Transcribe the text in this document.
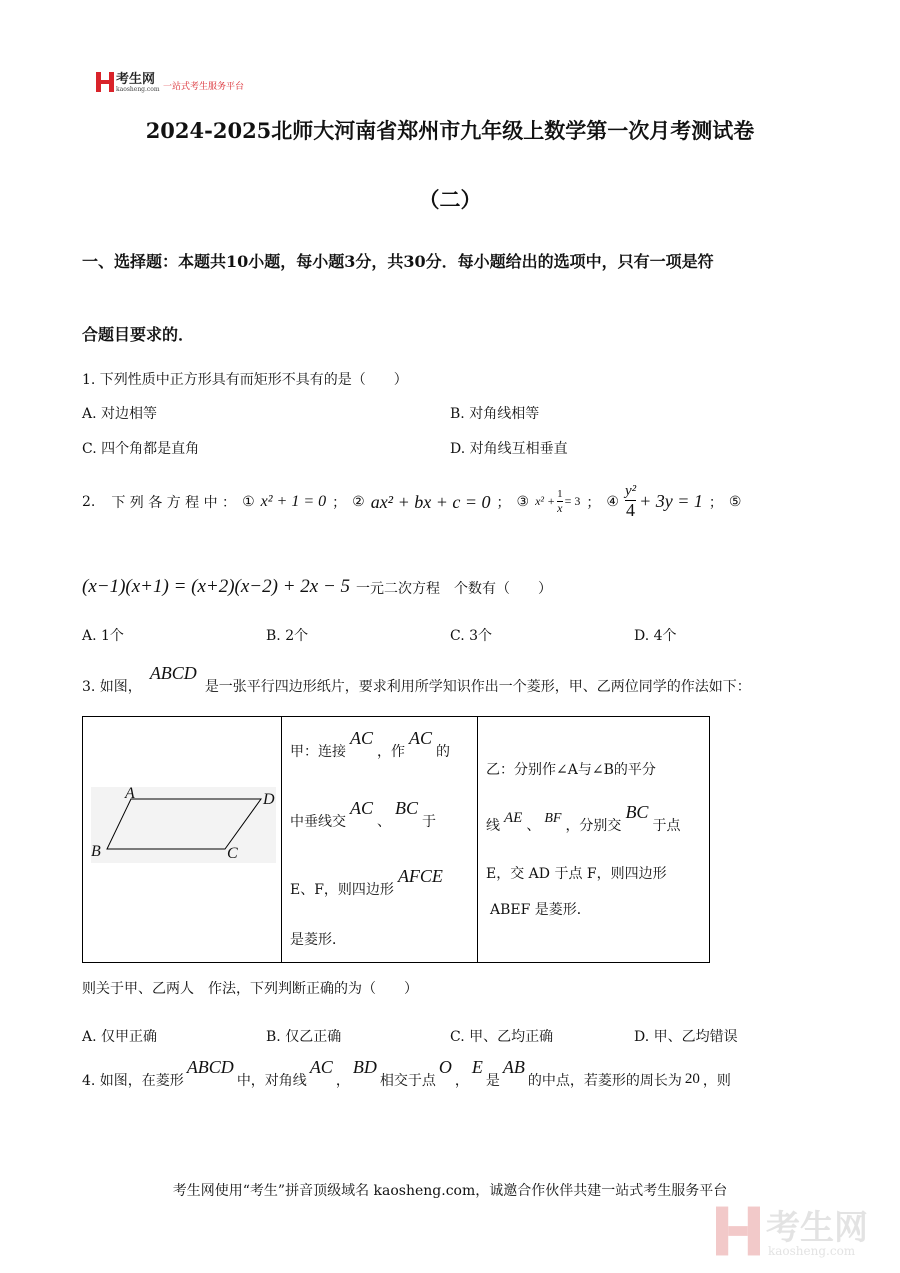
考生网
kaosheng.com 一站式考生服务平台
2024-2025北师大河南省郑州市九年级上数学第一次月考测试卷
（二）
一、选择题：本题共10小题，每小题3分，共30分．每小题给出的选项中，只有一项是符
合题目要求的．
1. 下列性质中正方形具有而矩形不具有的是（　　）
A. 对边相等	B. 对角线相等
C. 四个角都是直角	D. 对角线互相垂直
2. 下 列 各 方 程 中 ： ① x² + 1 = 0 ； ② ax² + bx + c = 0 ； ③ $x^2 + \frac{1}{x} = 3$ ； ④ $\frac{\text{y²}}{4} + 3y = 1$ ； ⑤
(x−1)(x+1) = (x+2)(x−2) + 2x − 5 一元二次方程　个数有（　　）
A. 1个	B. 2个	C. 3个	D. 4个
3. 如图，
ABCD
是一张平行四边形纸片，要求利用所学知识作出一个菱形，甲、乙两位同学的作法如下：
A
B	C
D

甲：连接
AC
，作
AC
的
中垂线交
AC
、
BC
于
E、F，则四边形
AFCE
是菱形．

乙：分别作∠A与∠B的平分
线 AE 、 BF ，分别交
BC
于点
E，交 AD 于点 F，则四边形
ABEF 是菱形．
则关于甲、乙两人　作法，下列判断正确的为（　　）
A. 仅甲正确	B. 仅乙正确	C. 甲、乙均正确	D. 甲、乙均错误
4. 如图，在菱形
ABCD
中，对角线
AC
，
BD
相交于点
O
，
E
是
AB
的中点，若菱形的周长为 20 ，则
考生网使用“考生”拼音顶级域名 kaosheng.com，诚邀合作伙伴共建一站式考生服务平台
考生网
kaosheng.com
